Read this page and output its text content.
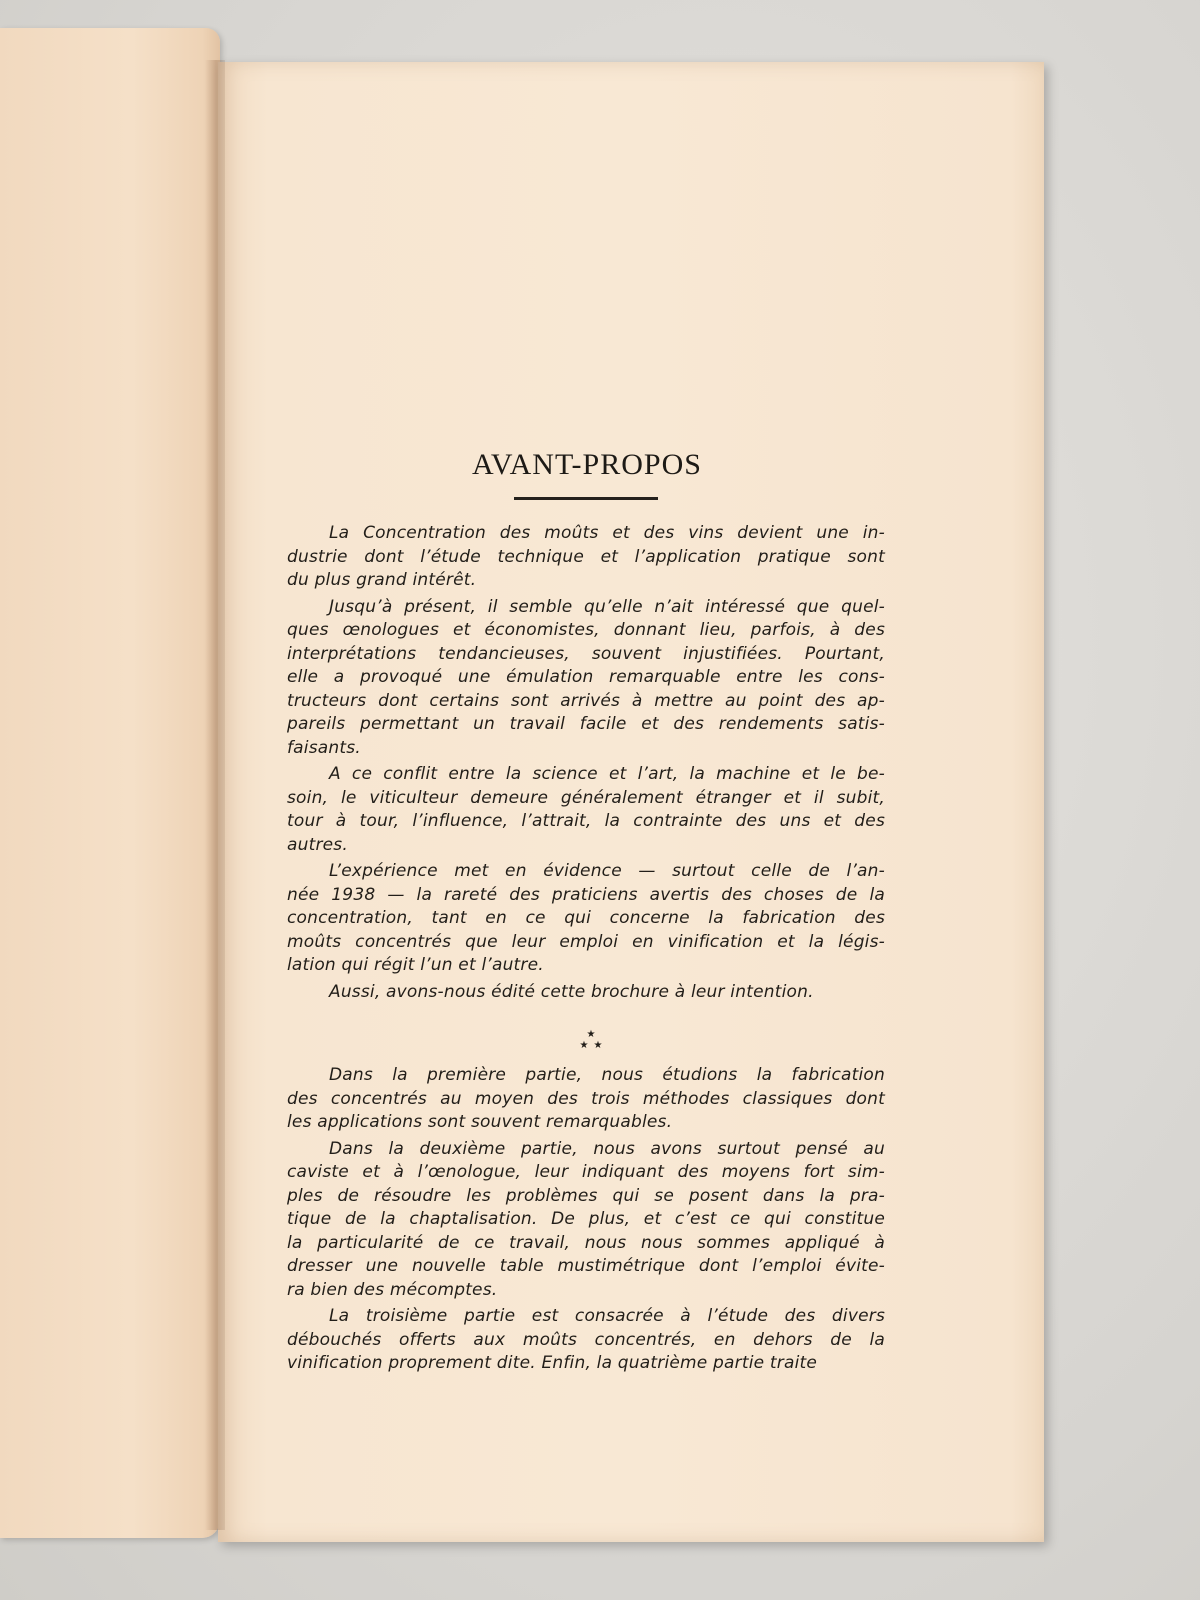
AVANT-PROPOS
La Concentration des moûts et des vins devient une in-
dustrie dont l’étude technique et l’application pratique sont
du plus grand intérêt.
Jusqu’à présent, il semble qu’elle n’ait intéressé que quel-
ques œnologues et économistes, donnant lieu, parfois, à des
interprétations tendancieuses, souvent injustifiées. Pourtant,
elle a provoqué une émulation remarquable entre les cons-
tructeurs dont certains sont arrivés à mettre au point des ap-
pareils permettant un travail facile et des rendements satis-
faisants.
A ce conflit entre la science et l’art, la machine et le be-
soin, le viticulteur demeure généralement étranger et il subit,
tour à tour, l’influence, l’attrait, la contrainte des uns et des
autres.
L’expérience met en évidence — surtout celle de l’an-
née 1938 — la rareté des praticiens avertis des choses de la
concentration, tant en ce qui concerne la fabrication des
moûts concentrés que leur emploi en vinification et la légis-
lation qui régit l’un et l’autre.
Aussi, avons-nous édité cette brochure à leur intention.
★
★ ★
Dans la première partie, nous étudions la fabrication
des concentrés au moyen des trois méthodes classiques dont
les applications sont souvent remarquables.
Dans la deuxième partie, nous avons surtout pensé au
caviste et à l’œnologue, leur indiquant des moyens fort sim-
ples de résoudre les problèmes qui se posent dans la pra-
tique de la chaptalisation. De plus, et c’est ce qui constitue
la particularité de ce travail, nous nous sommes appliqué à
dresser une nouvelle table mustimétrique dont l’emploi évite-
ra bien des mécomptes.
La troisième partie est consacrée à l’étude des divers
débouchés offerts aux moûts concentrés, en dehors de la
vinification proprement dite. Enfin, la quatrième partie traite
